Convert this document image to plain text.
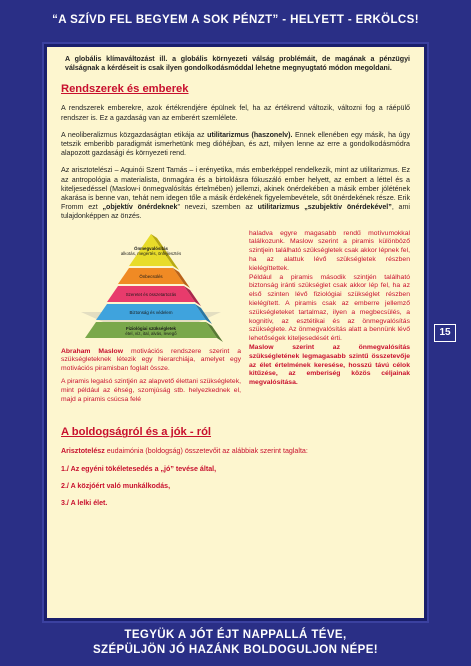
“A SZÍVD FEL BEGYEM A SOK PÉNZT” - HELYETT - ERKÖLCS!

A globális klímaváltozást ill. a globális környezeti válság problémáit, de magának a pénzügyi válságnak a kérdéseit is csak ilyen gondolkodásmóddal lehetne megnyugtató módon megoldani.

Rendszerek és emberek

A rendszerek emberekre, azok értékrendjére épülnek fel, ha az értékrend változik, változni fog a ráépülő rendszer is. Ez a gazdaság van az emberért szemlélete.

A neoliberalizmus közgazdaságtan etikája az utilitarizmus (haszonelv). Ennek ellenében egy másik, ha úgy tetszik emberibb paradigmát ismerhetünk meg dióhéjban, és azt, milyen lenne az erre a gondolkodásmódra alapozott gazdasági és környezeti rend.

Az arisztotelészi – Aquinói Szent Tamás – i erényetika, más emberképpel rendelkezik, mint az utilitarizmus. Ez az antropológia a materialista, önmagára és a birtoklásra fókuszáló ember helyett, az embert a léttel és a kiteljesedéssel (Maslow-i önmegvalósítás értelmében) jellemzi, akinek önérdekében a másik ember jólétének akarása is benne van, tehát nem idegen tőle a másik érdekének figyelembevétele, sőt önérdekének része. Erik Fromm ezt „objektív önérdeknek” nevezi, szemben az utilitarizmus „szubjektív önérdekével”, ami tulajdonképpen az önzés.

Önmegvalósítás
alkotás, megértés, önfejlesztés
Önbecsülés
Szeretet és összetartozás
Biztonság és védelem
Fiziológiai szükségletek
étel, víz, ital, alvás, levegő

Abraham Maslow motivációs rendszere szerint a szükségleteknek létezik egy hierarchiája, amelyet egy motivációs piramisban foglalt össze.

A piramis legalsó szintjén az alapvető élettani szükségletek, mint például az éhség, szomjúság stb. helyezkednek el, majd a piramis csúcsa felé

haladva egyre magasabb rendű motívumokkal találkozunk. Maslow szerint a piramis különböző szintjein található szükségletek csak akkor lépnek fel, ha az alattuk lévő szükségletek részben kielégíttettek.

Például a piramis második szintjén található biztonság iránti szükséglet csak akkor lép fel, ha az első szinten lévő fiziológiai szükséglet részben kielégített. A piramis csak az emberre jellemző szükségleteket tartalmaz, ilyen a megbecsülés, a kognitív, az esztétikai és az önmegvalósítás szükséglete. Az önmegvalósítás alatt a bennünk lévő lehetőségek kiteljesedését érti.

Maslow szerint az önmegvalósítás szükségletének legmagasabb szintű összetevője az élet értelmének keresése, hosszú távú célok kitűzése, az emberiség közös céljainak megvalósítása.

A boldogságról és a jók - ról

Arisztotelész eudaimónia (boldogság) összetevőit az alábbiak szerint taglalta:

1./ Az egyéni tökéletesedés a „jó” tevése által,

2./ A közjóért való munkálkodás,

3./ A lelki élet.

15
TEGYÜK A JÓT ÉJT NAPPALLÁ TÉVE,
SZÉPÜLJÖN JÓ HAZÁNK BOLDOGULJON NÉPE!
